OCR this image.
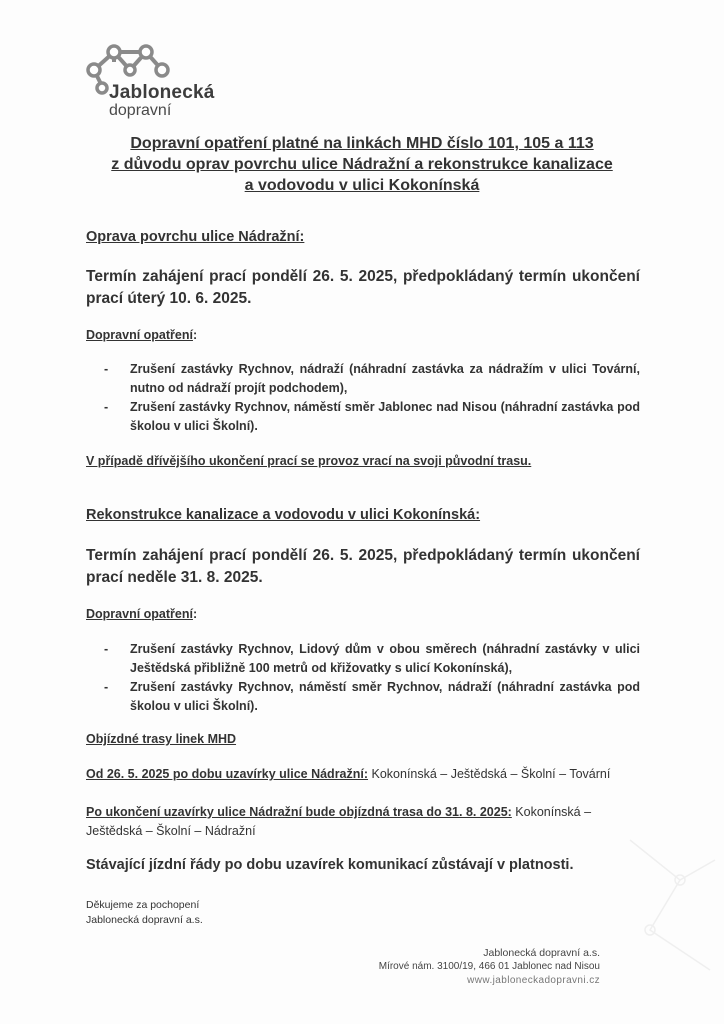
Jablonecká
dopravní
Dopravní opatření platné na linkách MHD číslo 101, 105 a 113
z důvodu oprav povrchu ulice Nádražní a rekonstrukce kanalizace
a vodovodu v ulici Kokonínská
Oprava povrchu ulice Nádražní:
Termín zahájení prací pondělí 26. 5. 2025, předpokládaný termín ukončení prací úterý 10. 6. 2025.
Dopravní opatření:
- Zrušení zastávky Rychnov, nádraží (náhradní zastávka za nádražím v ulici Tovární, nutno od nádraží projít podchodem),
- Zrušení zastávky Rychnov, náměstí směr Jablonec nad Nisou (náhradní zastávka pod školou v ulici Školní).
V případě dřívějšího ukončení prací se provoz vrací na svoji původní trasu.
Rekonstrukce kanalizace a vodovodu v ulici Kokonínská:
Termín zahájení prací pondělí 26. 5. 2025, předpokládaný termín ukončení prací neděle 31. 8. 2025.
Dopravní opatření:
- Zrušení zastávky Rychnov, Lidový dům v obou směrech (náhradní zastávky v ulici Ještědská přibližně 100 metrů od křižovatky s ulicí Kokonínská),
- Zrušení zastávky Rychnov, náměstí směr Rychnov, nádraží (náhradní zastávka pod školou v ulici Školní).
Objízdné trasy linek MHD
Od 26. 5. 2025 po dobu uzavírky ulice Nádražní: Kokonínská – Ještědská – Školní – Tovární
Po ukončení uzavírky ulice Nádražní bude objízdná trasa do 31. 8. 2025: Kokonínská – Ještědská – Školní – Nádražní
Stávající jízdní řády po dobu uzavírek komunikací zůstávají v platnosti.
Děkujeme za pochopení
Jablonecká dopravní a.s.
Jablonecká dopravní a.s.
Mírové nám. 3100/19, 466 01 Jablonec nad Nisou
www.jabloneckadopravni.cz
